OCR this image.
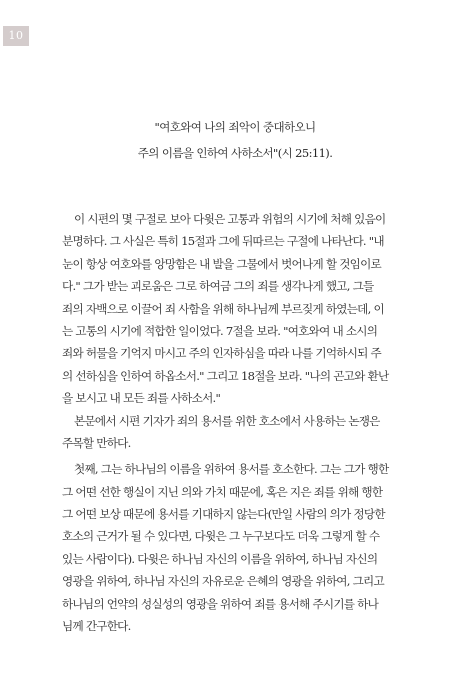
10
"여호와여 나의 죄악이 중대하오니
주의 이름을 인하여 사하소서"(시 25:11).
이 시편의 몇 구절로 보아 다윗은 고통과 위험의 시기에 처해 있음이
분명하다. 그 사실은 특히 15절과 그에 뒤따르는 구절에 나타난다. "내
눈이 항상 여호와를 앙망함은 내 발을 그물에서 벗어나게 할 것임이로
다." 그가 받는 괴로움은 그로 하여금 그의 죄를 생각나게 했고, 그들
죄의 자백으로 이끌어 죄 사함을 위해 하나님께 부르짖게 하였는데, 이
는 고통의 시기에 적합한 일이었다. 7절을 보라. "여호와여 내 소시의
죄와 허물을 기억지 마시고 주의 인자하심을 따라 나를 기억하시되 주
의 선하심을 인하여 하옵소서." 그리고 18절을 보라. "나의 곤고와 환난
을 보시고 내 모든 죄를 사하소서."
본문에서 시편 기자가 죄의 용서를 위한 호소에서 사용하는 논쟁은
주목할 만하다.
첫째, 그는 하나님의 이름을 위하여 용서를 호소한다. 그는 그가 행한
그 어떤 선한 행실이 지닌 의와 가치 때문에, 혹은 지은 죄를 위해 행한
그 어떤 보상 때문에 용서를 기대하지 않는다(만일 사람의 의가 정당한
호소의 근거가 될 수 있다면, 다윗은 그 누구보다도 더욱 그렇게 할 수
있는 사람이다). 다윗은 하나님 자신의 이름을 위하여, 하나님 자신의
영광을 위하여, 하나님 자신의 자유로운 은혜의 영광을 위하여, 그리고
하나님의 언약의 성실성의 영광을 위하여 죄를 용서해 주시기를 하나
님께 간구한다.
